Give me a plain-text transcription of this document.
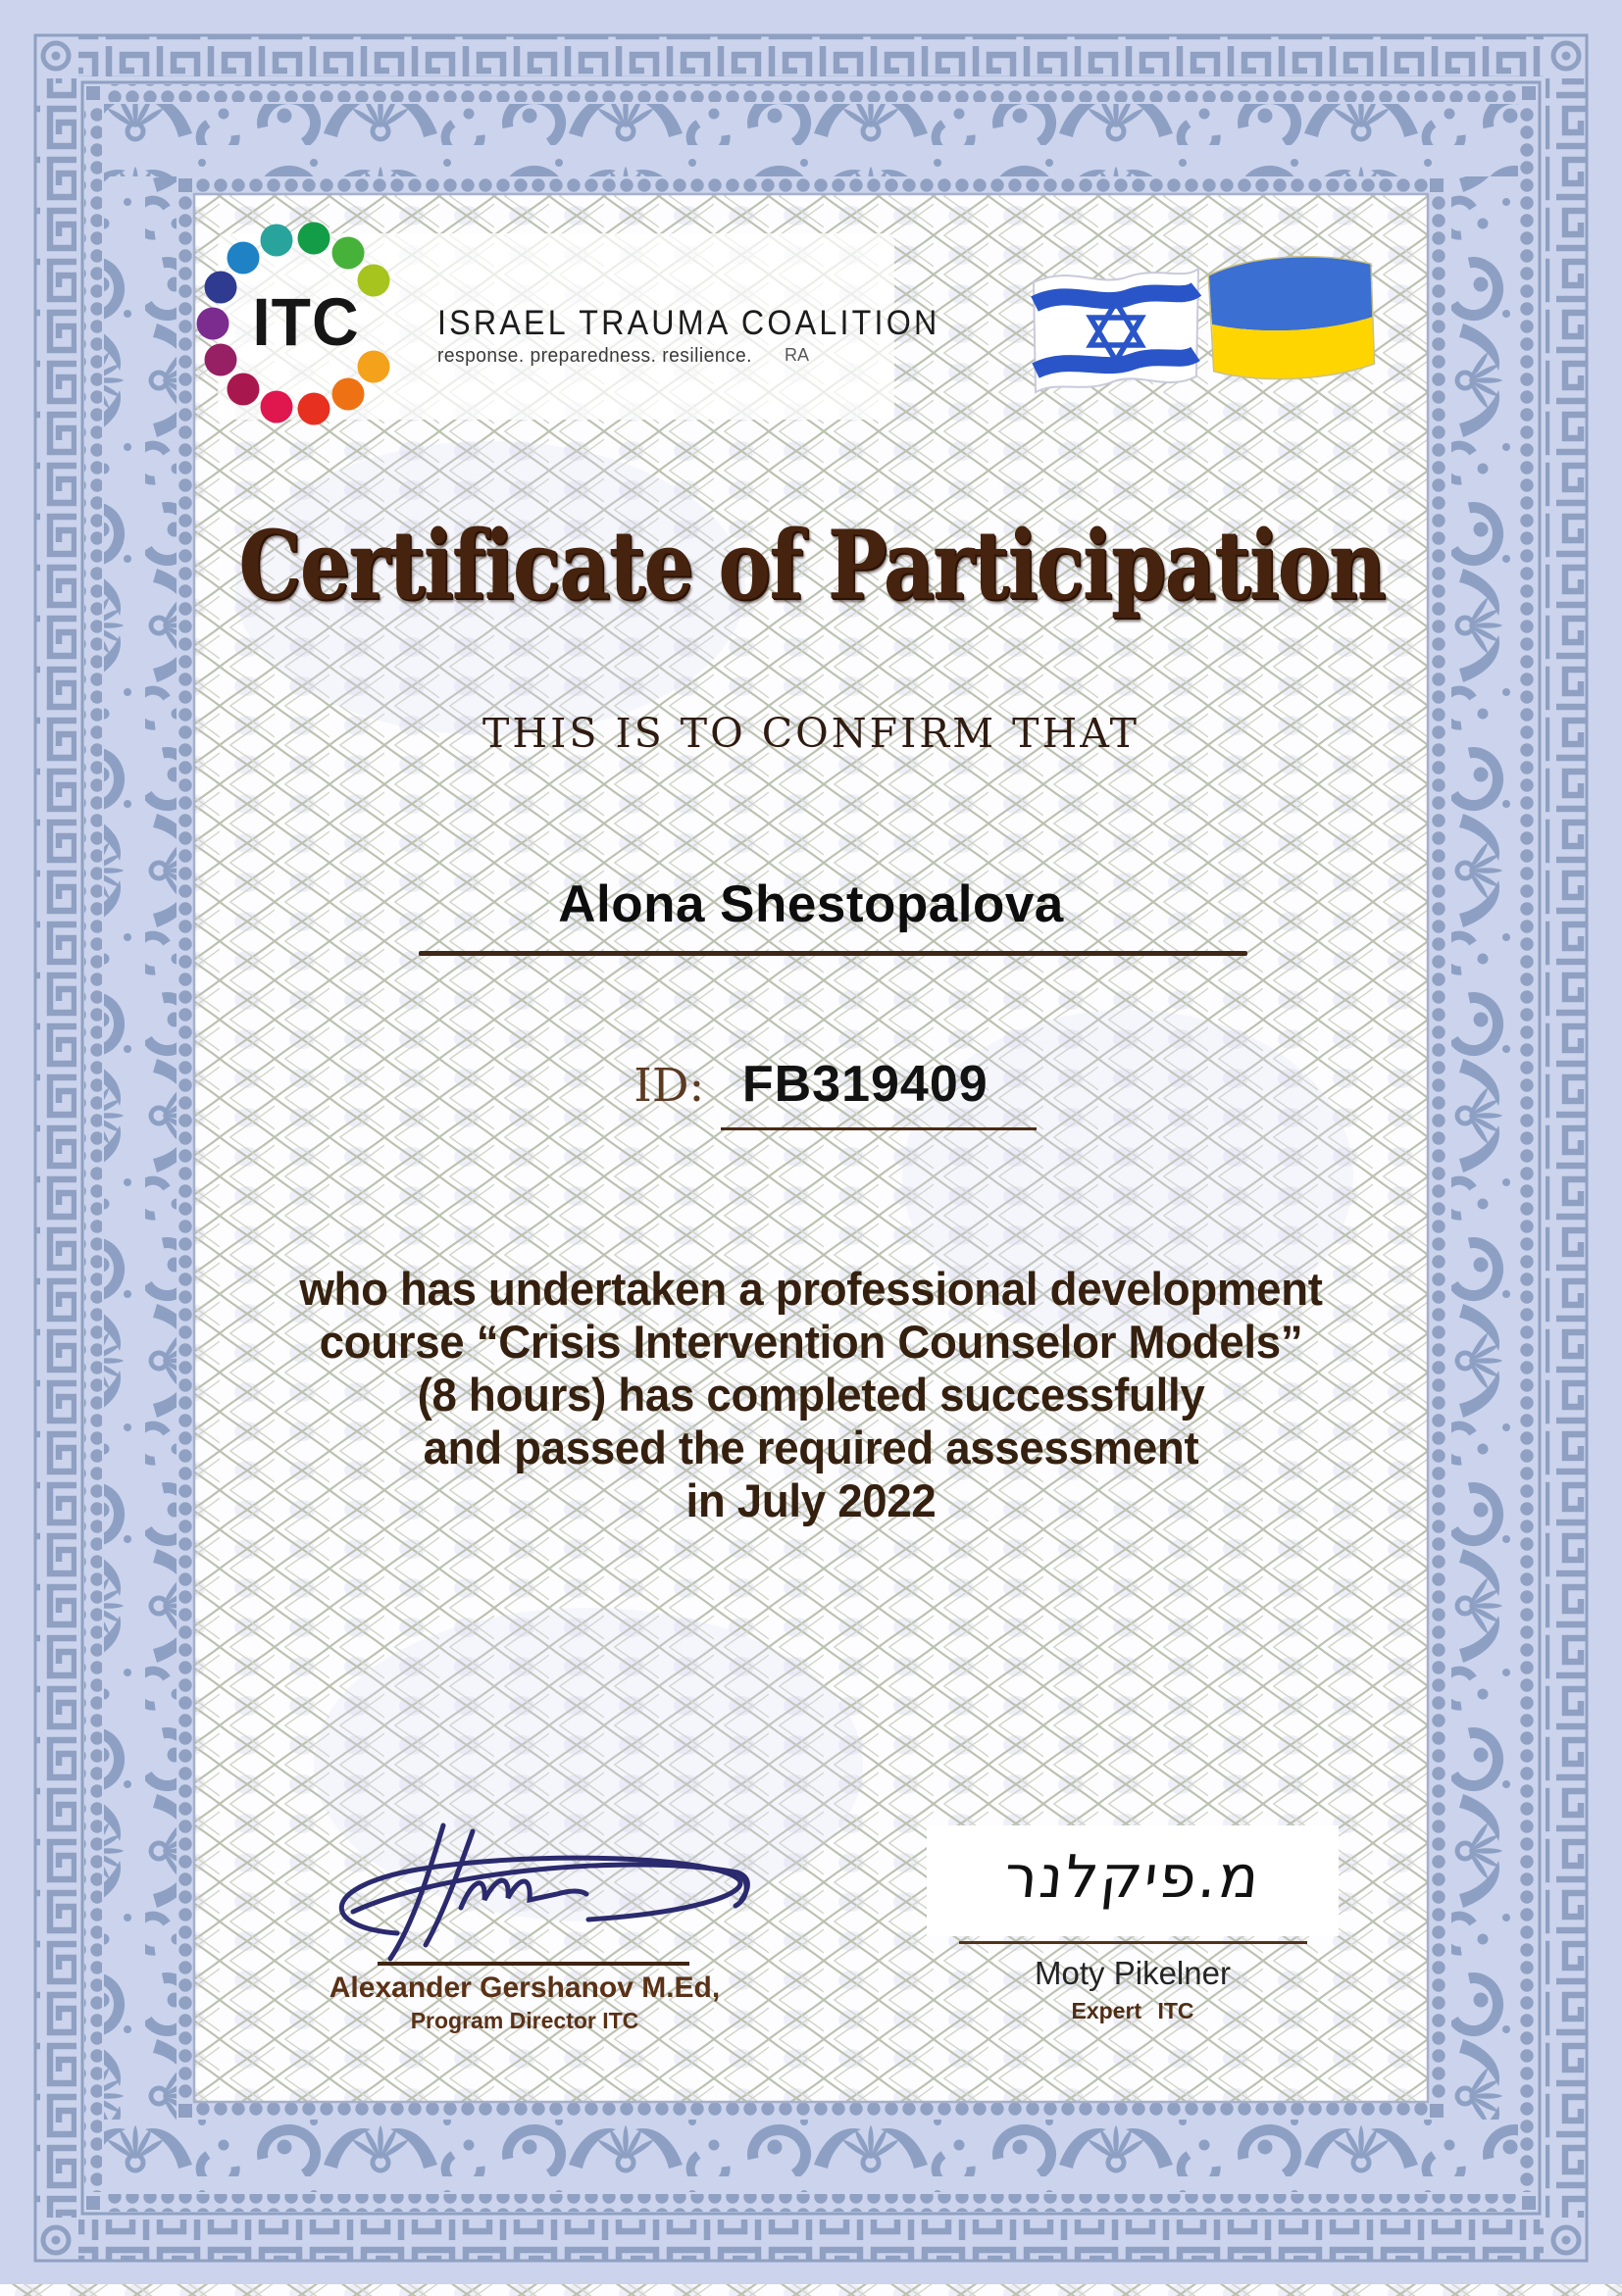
ITC	ISRAEL TRAUMA COALITION
response. preparedness. resilience. RA
Certificate of Participation
THIS IS TO CONFIRM THAT
Alona Shestopalova
ID: FB319409
who has undertaken a professional development
course “Crisis Intervention Counselor Models”
(8 hours) has completed successfully
and passed the required assessment
in July 2022
Alexander Gershanov M.Ed,
Program Director ITC
מ.פיקלנר
Moty Pikelner
Expert ITC
